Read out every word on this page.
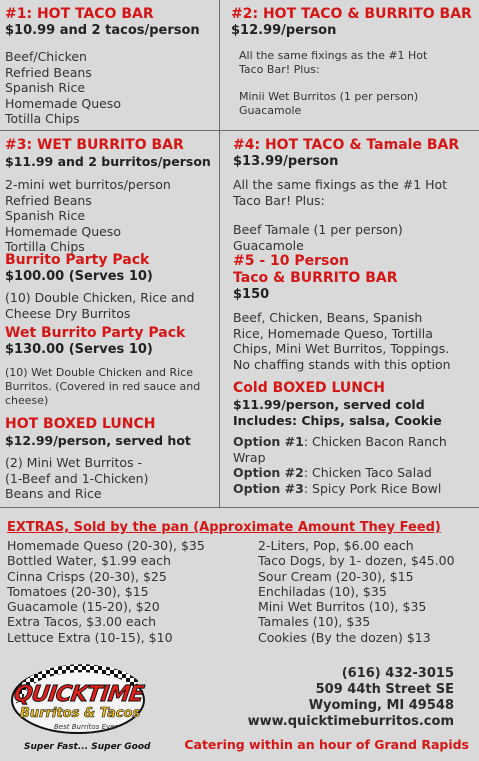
#1: HOT TACO BAR
$10.99 and 2 tacos/person
Beef/Chicken
Refried Beans
Spanish Rice
Homemade Queso
Totilla Chips
#2: HOT TACO & BURRITO BAR
$12.99/person
All the same fixings as the #1 Hot
Taco Bar! Plus:
Minii Wet Burritos (1 per person)
Guacamole
#3: WET BURRITO BAR
$11.99 and 2 burritos/person
2-mini wet burritos/person
Refried Beans
Spanish Rice
Homemade Queso
Tortilla Chips
Burrito Party Pack
$100.00 (Serves 10)
(10) Double Chicken, Rice and
Cheese Dry Burritos
Wet Burrito Party Pack
$130.00 (Serves 10)
(10) Wet Double Chicken and Rice
Burritos. (Covered in red sauce and
cheese)
HOT BOXED LUNCH
$12.99/person, served hot
(2) Mini Wet Burritos -
(1-Beef and 1-Chicken)
Beans and Rice
#4: HOT TACO & Tamale BAR
$13.99/person
All the same fixings as the #1 Hot
Taco Bar! Plus:
Beef Tamale (1 per person)
Guacamole
#5 - 10 Person
Taco & BURRITO BAR
$150
Beef, Chicken, Beans, Spanish
Rice, Homemade Queso, Tortilla
Chips, Mini Wet Burritos, Toppings.
No chaffing stands with this option
Cold BOXED LUNCH
$11.99/person, served cold
Includes: Chips, salsa, Cookie
Option #1: Chicken Bacon Ranch
Wrap
Option #2: Chicken Taco Salad
Option #3: Spicy Pork Rice Bowl
EXTRAS, Sold by the pan (Approximate Amount They Feed)
Homemade Queso (20-30), $35
Bottled Water, $1.99 each
Cinna Crisps (20-30), $25
Tomatoes (20-30), $15
Guacamole (15-20), $20
Extra Tacos, $3.00 each
Lettuce Extra (10-15), $10
2-Liters, Pop, $6.00 each
Taco Dogs, by 1- dozen, $45.00
Sour Cream (20-30), $15
Enchiladas (10), $35
Mini Wet Burritos (10), $35
Tamales (10), $35
Cookies (By the dozen) $13
QUICKTIME
Burritos & Tacos
Best Burritos Ever
Super Fast... Super Good
(616) 432-3015
509 44th Street SE
Wyoming, MI 49548
www.quicktimeburritos.com
Catering within an hour of Grand Rapids
